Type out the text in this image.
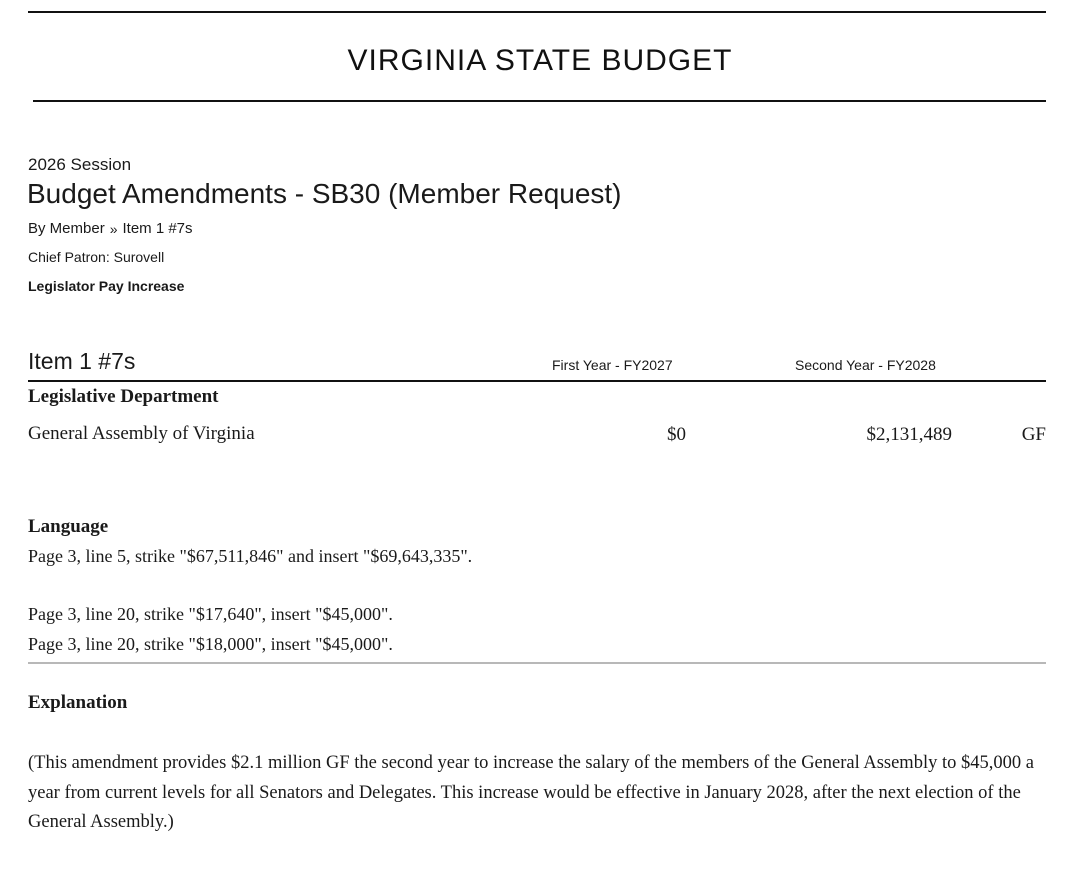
VIRGINIA STATE BUDGET
2026 Session
Budget Amendments - SB30 (Member Request)
By Member » Item 1 #7s
Chief Patron: Surovell
Legislator Pay Increase
Item 1 #7s	First Year - FY2027	Second Year - FY2028
Legislative Department
General Assembly of Virginia	$0	$2,131,489	GF
Language
Page 3, line 5, strike "$67,511,846" and insert "$69,643,335".
Page 3, line 20, strike "$17,640", insert "$45,000".
Page 3, line 20, strike "$18,000", insert "$45,000".
Explanation
(This amendment provides $2.1 million GF the second year to increase the salary of the members of the General Assembly to $45,000 a year from current levels for all Senators and Delegates. This increase would be effective in January 2028, after the next election of the General Assembly.)
